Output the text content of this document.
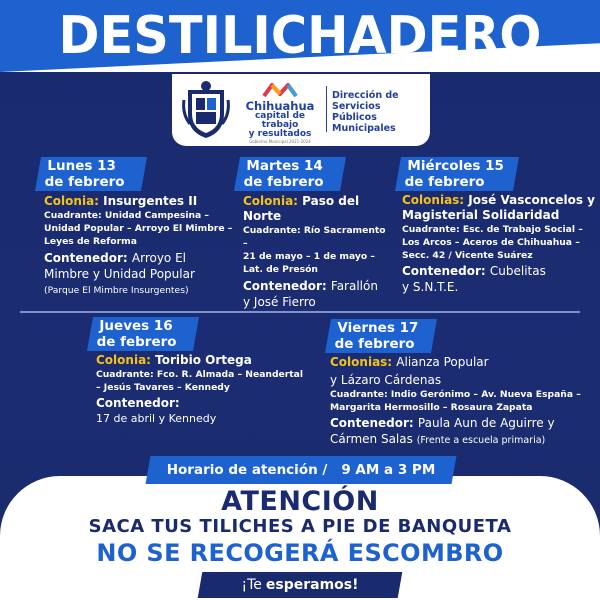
DESTILICHADERO
Chihuahua
capital de trabajo
y resultados
Gobierno Municipal 2021-2024
Dirección de Servicios Públicos Municipales
Lunes 13
de febrero
Colonia: Insurgentes II
Cuadrante: Unidad Campesina –
Unidad Popular – Arroyo El Mimbre –
Leyes de Reforma
Contenedor: Arroyo El
Mimbre y Unidad Popular
(Parque El Mimbre Insurgentes)
Martes 14
de febrero
Colonia: Paso del Norte
Cuadrante: Río Sacramento –
21 de mayo – 1 de mayo –
Lat. de Presón
Contenedor: Farallón
y José Fierro
Miércoles 15
de febrero
Colonias: José Vasconcelos y
Magisterial Solidaridad
Cuadrante: Esc. de Trabajo Social –
Los Arcos – Aceros de Chihuahua –
Secc. 42 / Vicente Suárez
Contenedor: Cubelitas
y S.N.T.E.
Jueves 16
de febrero
Colonia: Toribio Ortega
Cuadrante: Fco. R. Almada – Neandertal
– Jesús Tavares – Kennedy
Contenedor:
17 de abril y Kennedy
Viernes 17
de febrero
Colonias: Alianza Popular
y Lázaro Cárdenas
Cuadrante: Indio Gerónimo – Av. Nueva España –
Margarita Hermosillo – Rosaura Zapata
Contenedor: Paula Aun de Aguirre y
Cármen Salas (Frente a escuela primaria)
Horario de atención / 9 AM a 3 PM
ATENCIÓN
SACA TUS TILICHES A PIE DE BANQUETA
NO SE RECOGERÁ ESCOMBRO
¡Te esperamos!
